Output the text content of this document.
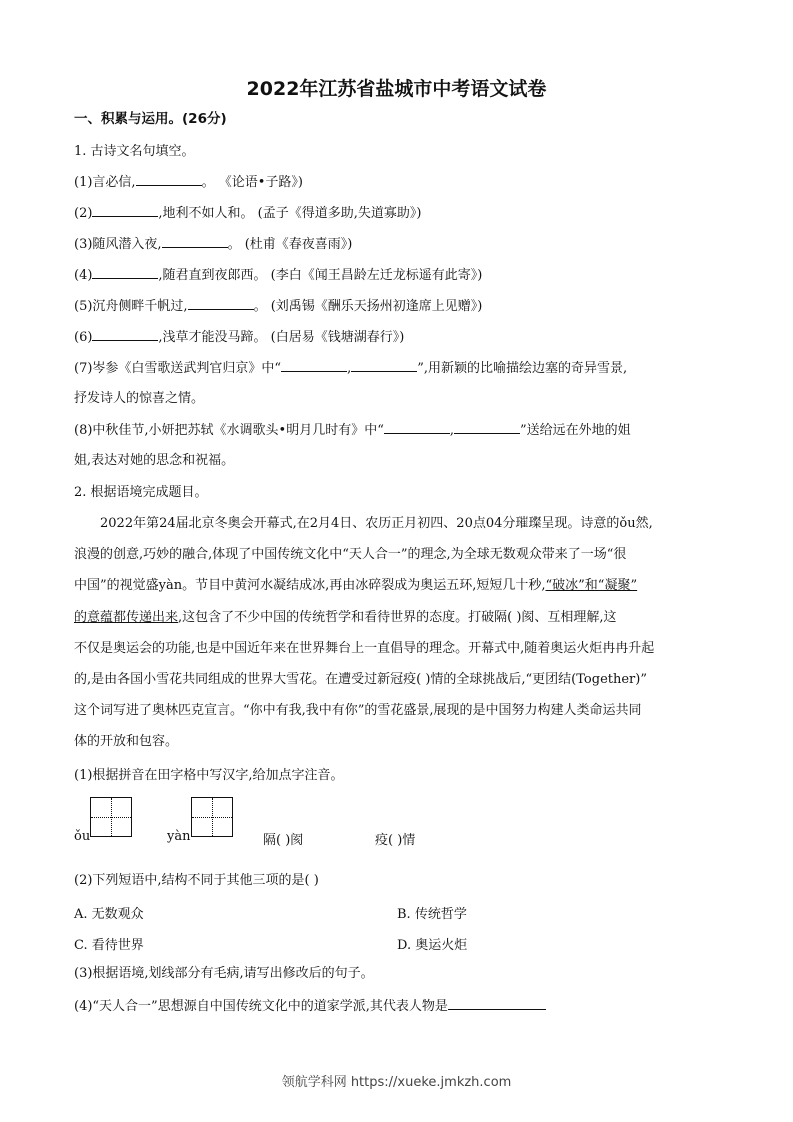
2022年江苏省盐城市中考语文试卷
一、积累与运用。(26分)
1. 古诗文名句填空。
(1)言必信,	。 《论语•子路》)
(2)	,地利不如人和。 (孟子《得道多助,失道寡助》)
(3)随风潜入夜,	。 (杜甫《春夜喜雨》)
(4)	,随君直到夜郎西。 (李白《闻王昌龄左迁龙标遥有此寄》)
(5)沉舟侧畔千帆过,	。 (刘禹锡《酬乐天扬州初逢席上见赠》)
(6)	,浅草才能没马蹄。 (白居易《钱塘湖春行》)
(7)岑参《白雪歌送武判官归京》中“	,	”,用新颖的比喻描绘边塞的奇异雪景,
抒发诗人的惊喜之情。
(8)中秋佳节,小妍把苏轼《水调歌头•明月几时有》中“	,	”送给远在外地的姐
姐,表达对她的思念和祝福。
2. 根据语境完成题目。
2022年第24届北京冬奥会开幕式,在2月4日、农历正月初四、20点04分璀璨呈现。诗意的ǒu然,
浪漫的创意,巧妙的融合,体现了中国传统文化中“天人合一”的理念,为全球无数观众带来了一场“很
中国”的视觉盛yàn。节目中黄河水凝结成冰,再由冰碎裂成为奥运五环,短短几十秒,“破冰”和“凝聚”
的意蕴都传递出来,这包含了不少中国的传统哲学和看待世界的态度。打破隔( )阂、互相理解,这
不仅是奥运会的功能,也是中国近年来在世界舞台上一直倡导的理念。开幕式中,随着奥运火炬冉冉升起
的,是由各国小雪花共同组成的世界大雪花。在遭受过新冠疫( )情的全球挑战后,“更团结(Together)”
这个词写进了奥林匹克宣言。“你中有我,我中有你”的雪花盛景,展现的是中国努力构建人类命运共同
体的开放和包容。
(1)根据拼音在田字格中写汉字,给加点字注音。
ǒu	yàn	隔( )阂	疫( )情
(2)下列短语中,结构不同于其他三项的是( )
A. 无数观众	B. 传统哲学
C. 看待世界	D. 奥运火炬
(3)根据语境,划线部分有毛病,请写出修改后的句子。
(4)“天人合一”思想源自中国传统文化中的道家学派,其代表人物是
领航学科网 https://xueke.jmkzh.com
